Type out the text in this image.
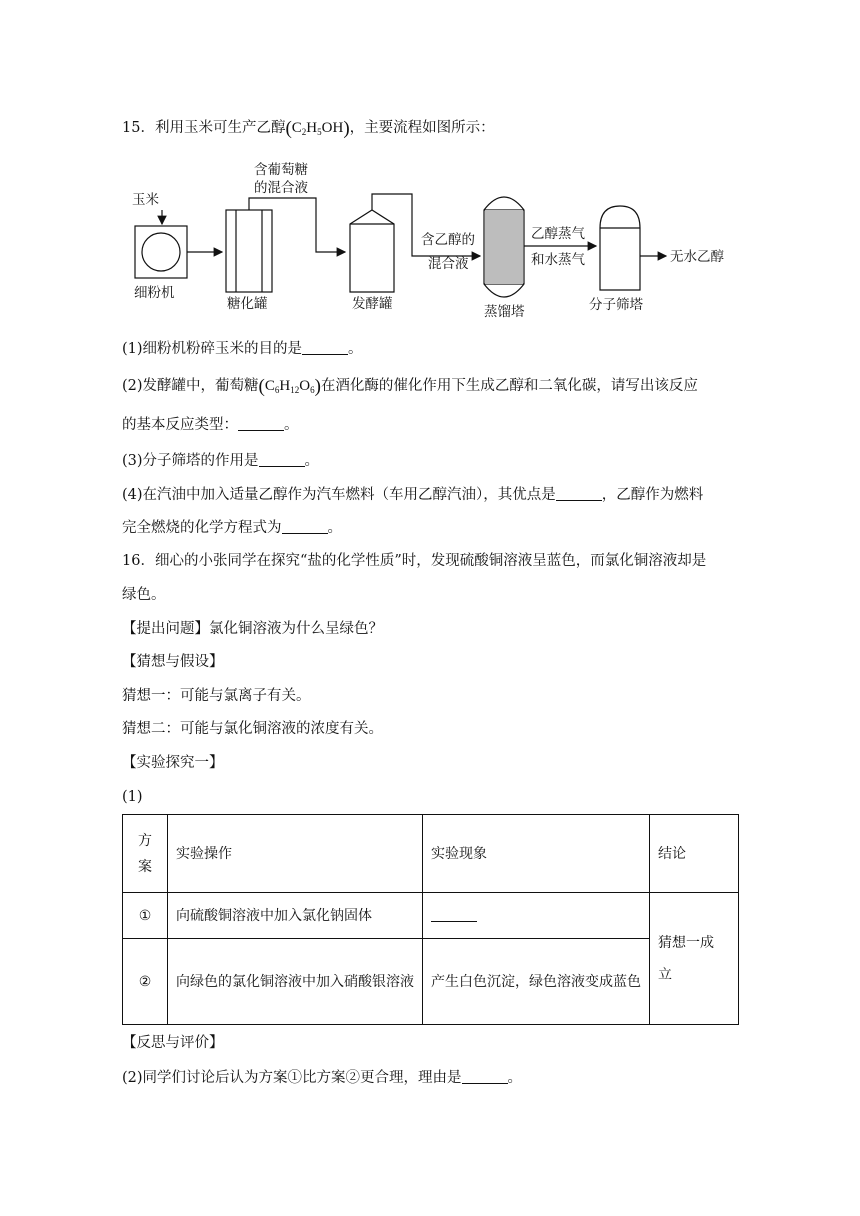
15．利用玉米可生产乙醇$(C_2H_5OH)$，主要流程如图所示：
玉米
细粉机
含葡萄糖
的混合液
糖化罐	发酵罐
含乙醇的
混合液
蒸馏塔
乙醇蒸气
和水蒸气
分子筛塔
无水乙醇
(1)细粉机粉碎玉米的目的是	。
(2)发酵罐中，葡萄糖$(C_6H_{12}O_6)$在酒化酶的催化作用下生成乙醇和二氧化碳，请写出该反应
的基本反应类型：	。
(3)分子筛塔的作用是	。
(4)在汽油中加入适量乙醇作为汽车燃料（车用乙醇汽油），其优点是	，乙醇作为燃料
完全燃烧的化学方程式为	。
16．细心的小张同学在探究“盐的化学性质”时，发现硫酸铜溶液呈蓝色，而氯化铜溶液却是
绿色。
【提出问题】氯化铜溶液为什么呈绿色？
【猜想与假设】
猜想一：可能与氯离子有关。
猜想二：可能与氯化铜溶液的浓度有关。
【实验探究一】
(1)
方案	实验操作	实验现象	结论
①	向硫酸铜溶液中加入氯化钠固体		猜想一成立
②	向绿色的氯化铜溶液中加入硝酸银溶液	产生白色沉淀，绿色溶液变成蓝色	
【反思与评价】
(2)同学们讨论后认为方案①比方案②更合理，理由是	。
